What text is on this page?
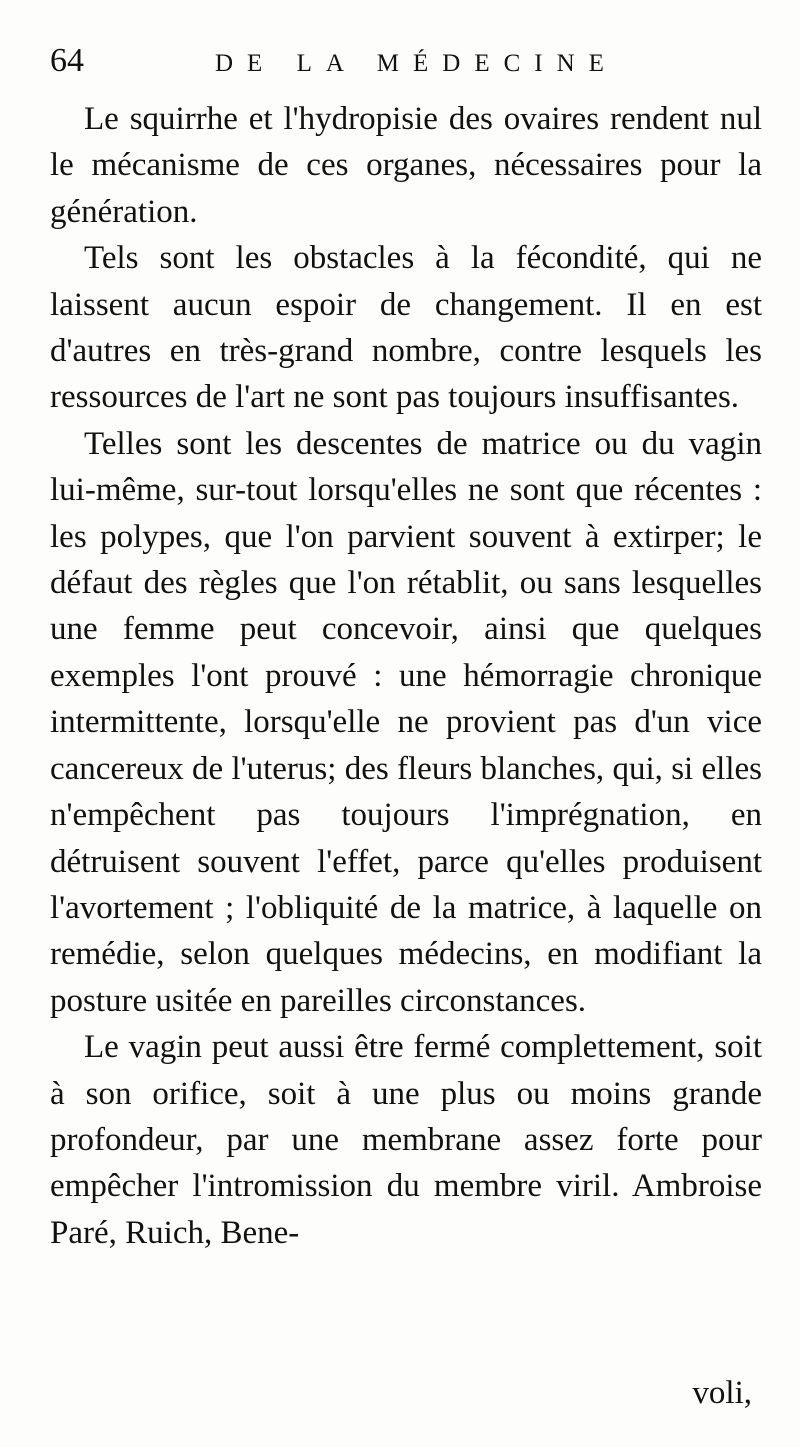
64	DE LA MÉDECINE

Le squirrhe et l'hydropisie des ovaires rendent nul le mécanisme de ces organes, nécessaires pour la génération.

Tels sont les obstacles à la fécondité, qui ne laissent aucun espoir de changement. Il en est d'autres en très-grand nombre, contre lesquels les ressources de l'art ne sont pas toujours insuffisantes.

Telles sont les descentes de matrice ou du vagin lui-même, sur-tout lorsqu'elles ne sont que récentes : les polypes, que l'on parvient souvent à extirper; le défaut des règles que l'on rétablit, ou sans lesquelles une femme peut concevoir, ainsi que quelques exemples l'ont prouvé : une hémorragie chronique intermittente, lorsqu'elle ne provient pas d'un vice cancereux de l'uterus; des fleurs blanches, qui, si elles n'empêchent pas toujours l'imprégnation, en détruisent souvent l'effet, parce qu'elles produisent l'avortement ; l'obliquité de la matrice, à laquelle on remédie, selon quelques médecins, en modifiant la posture usitée en pareilles circonstances.

Le vagin peut aussi être fermé complettement, soit à son orifice, soit à une plus ou moins grande profondeur, par une membrane assez forte pour empêcher l'intromission du membre viril. Ambroise Paré, Ruich, Bene-

voli,
